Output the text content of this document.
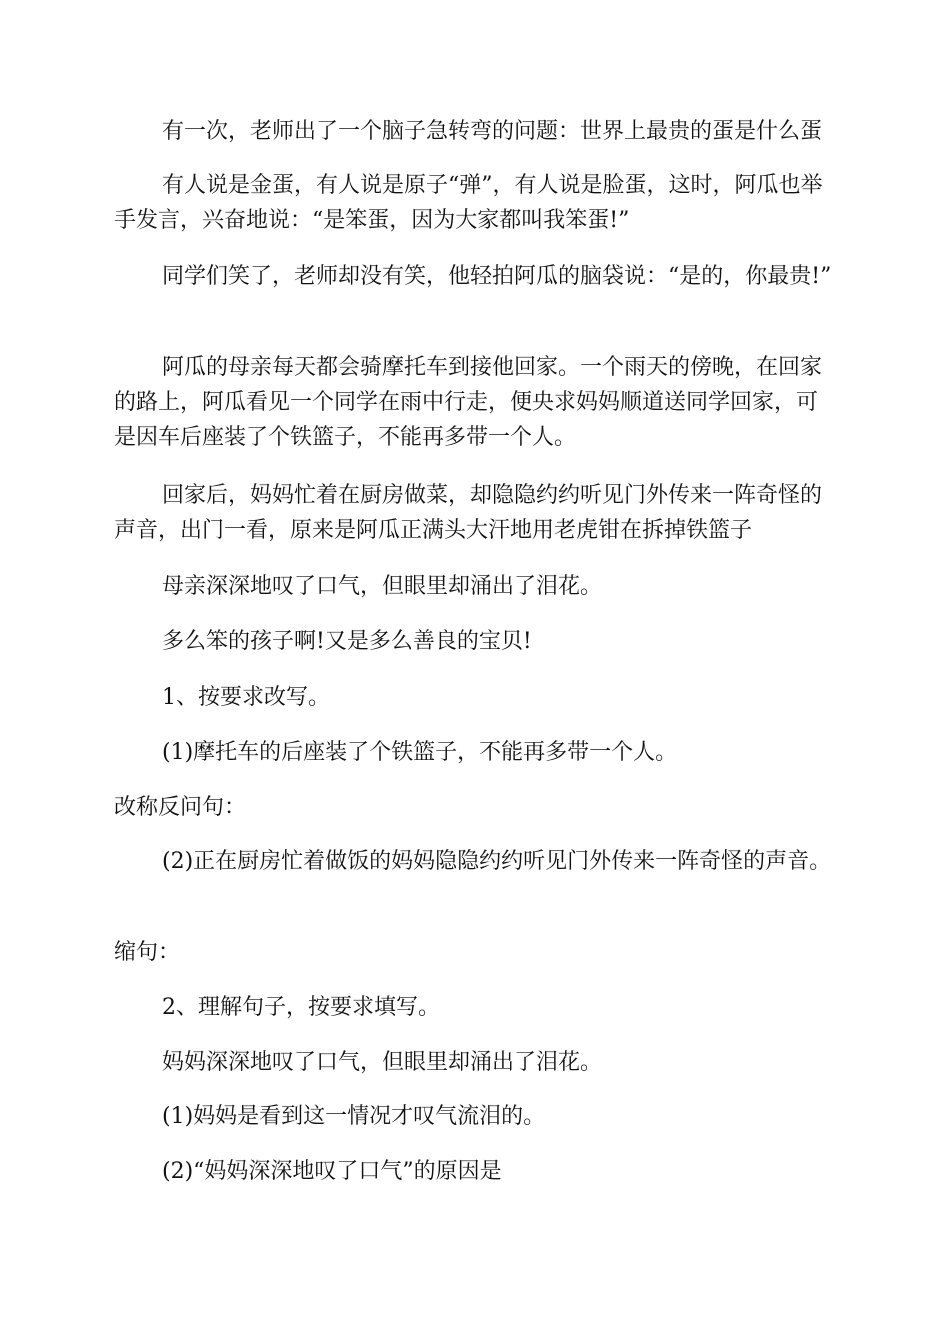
有一次，老师出了一个脑子急转弯的问题：世界上最贵的蛋是什么蛋

有人说是金蛋，有人说是原子“弹”，有人说是脸蛋，这时，阿瓜也举手发言，兴奋地说：“是笨蛋，因为大家都叫我笨蛋!”

同学们笑了，老师却没有笑，他轻拍阿瓜的脑袋说：“是的，你最贵!”

阿瓜的母亲每天都会骑摩托车到接他回家。一个雨天的傍晚，在回家的路上，阿瓜看见一个同学在雨中行走，便央求妈妈顺道送同学回家，可是因车后座装了个铁篮子，不能再多带一个人。

回家后，妈妈忙着在厨房做菜，却隐隐约约听见门外传来一阵奇怪的声音，出门一看，原来是阿瓜正满头大汗地用老虎钳在拆掉铁篮子

母亲深深地叹了口气，但眼里却涌出了泪花。

多么笨的孩子啊!又是多么善良的宝贝!

1、按要求改写。

(1)摩托车的后座装了个铁篮子，不能再多带一个人。

改称反问句：

(2)正在厨房忙着做饭的妈妈隐隐约约听见门外传来一阵奇怪的声音。

缩句：

2、理解句子，按要求填写。

妈妈深深地叹了口气，但眼里却涌出了泪花。

(1)妈妈是看到这一情况才叹气流泪的。

(2)“妈妈深深地叹了口气”的原因是
